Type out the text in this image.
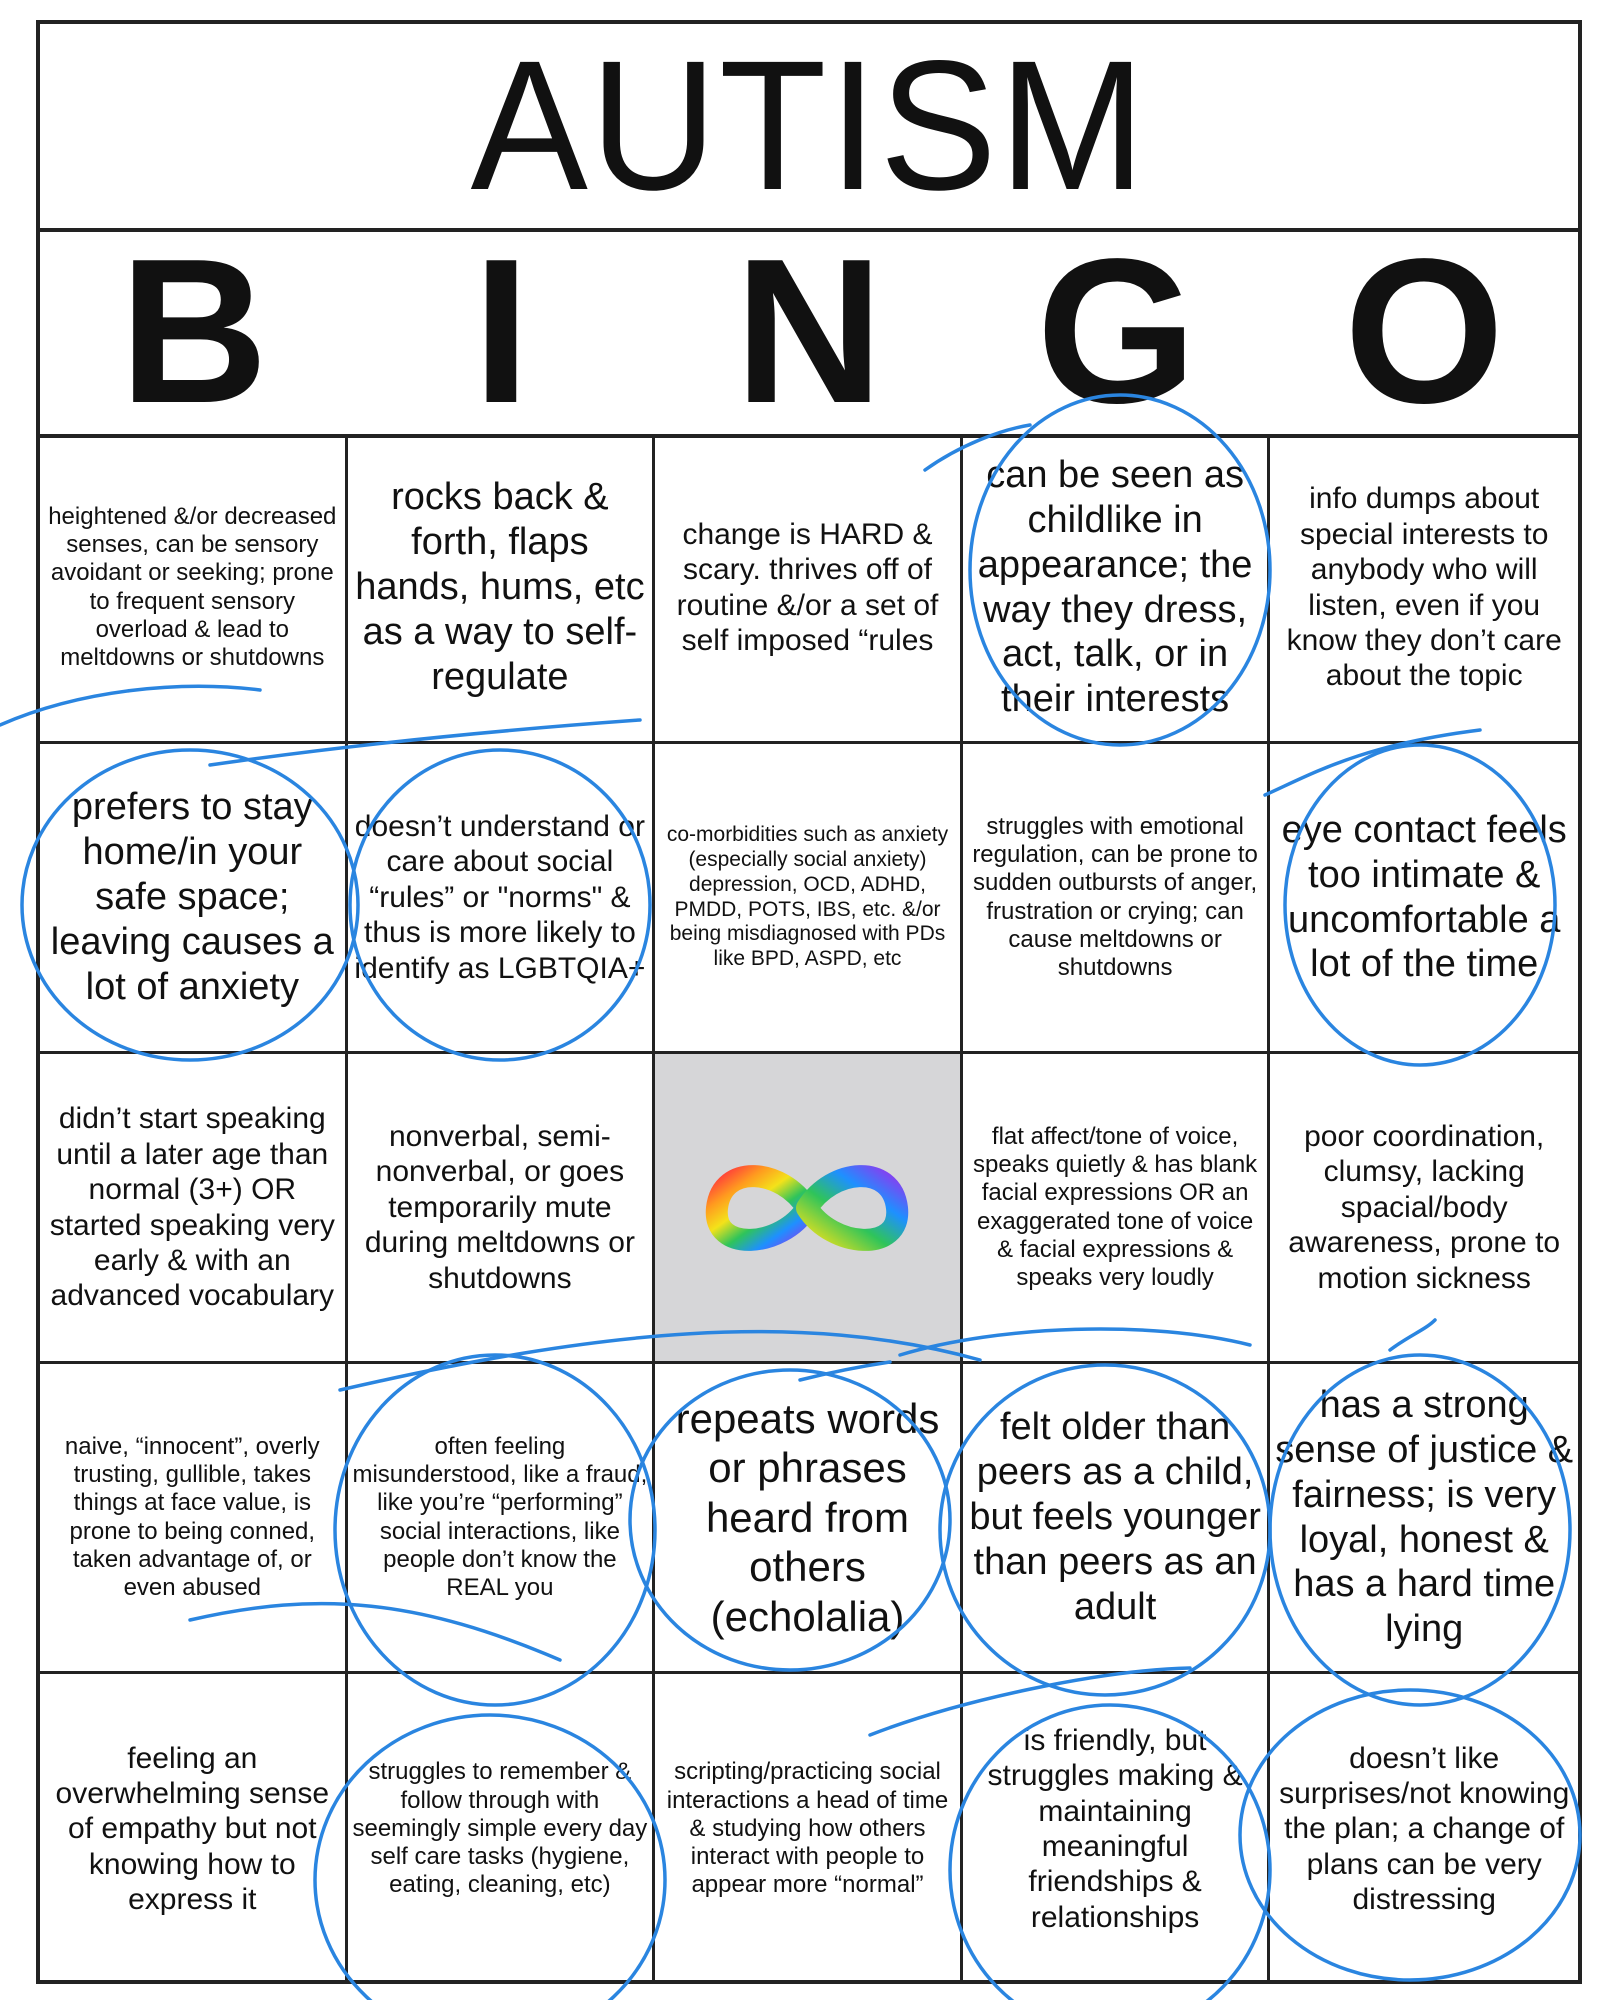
AUTISM
B I N G O
heightened &/or decreased senses, can be sensory avoidant or seeking; prone to frequent sensory overload & lead to meltdowns or shutdowns
rocks back & forth, flaps hands, hums, etc as a way to self-regulate
change is HARD & scary. thrives off of routine &/or a set of self imposed “rules
can be seen as childlike in appearance; the way they dress, act, talk, or in their interests
info dumps about special interests to anybody who will listen, even if you know they don’t care about the topic
prefers to stay home/in your safe space; leaving causes a lot of anxiety
doesn’t understand or care about social “rules” or "norms" & thus is more likely to identify as LGBTQIA+
co-morbidities such as anxiety (especially social anxiety) depression, OCD, ADHD, PMDD, POTS, IBS, etc. &/or being misdiagnosed with PDs like BPD, ASPD, etc
struggles with emotional regulation, can be prone to sudden outbursts of anger, frustration or crying; can cause meltdowns or shutdowns
eye contact feels too intimate & uncomfortable a lot of the time
didn’t start speaking until a later age than normal (3+) OR started speaking very early & with an advanced vocabulary
nonverbal, semi-nonverbal, or goes temporarily mute during meltdowns or shutdowns
flat affect/tone of voice, speaks quietly & has blank facial expressions OR an exaggerated tone of voice & facial expressions & speaks very loudly
poor coordination, clumsy, lacking spacial/body awareness, prone to motion sickness
naive, “innocent”, overly trusting, gullible, takes things at face value, is prone to being conned, taken advantage of, or even abused
often feeling misunderstood, like a fraud, like you’re “performing” social interactions, like people don’t know the REAL you
repeats words or phrases heard from others (echolalia)
felt older than peers as a child, but feels younger than peers as an adult
has a strong sense of justice & fairness; is very loyal, honest & has a hard time lying
feeling an overwhelming sense of empathy but not knowing how to express it
struggles to remember & follow through with seemingly simple every day self care tasks (hygiene, eating, cleaning, etc)
scripting/practicing social interactions a head of time & studying how others interact with people to appear more “normal”
is friendly, but struggles making & maintaining meaningful friendships & relationships
doesn’t like surprises/not knowing the plan; a change of plans can be very distressing
